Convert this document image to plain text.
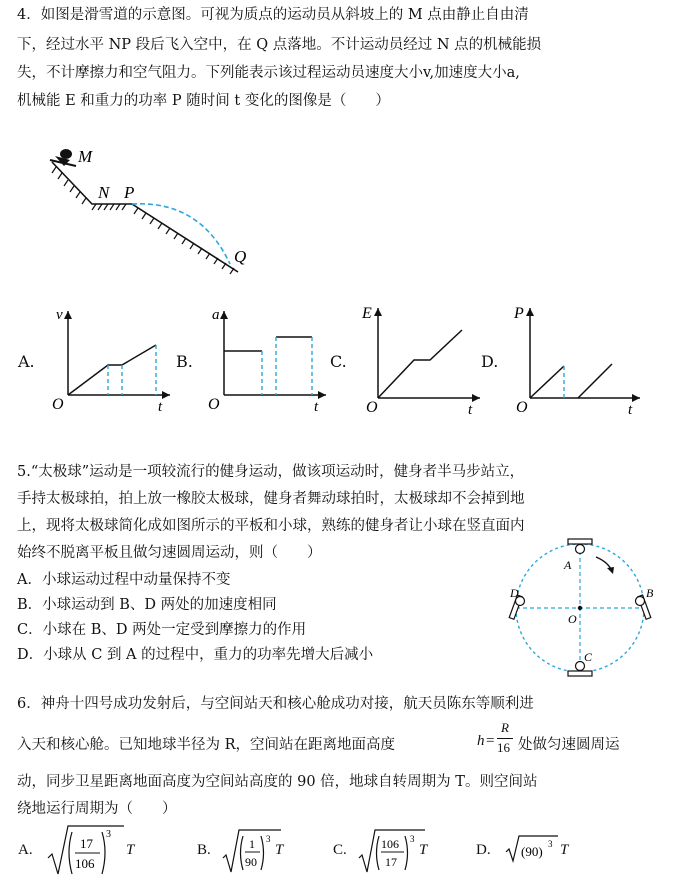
4．如图是滑雪道的示意图。可视为质点的运动员从斜坡上的 M 点由静止自由清
下，经过水平 NP 段后飞入空中，在 Q 点落地。不计运动员经过 N 点的机械能损
失，不计摩擦力和空气阻力。下列能表示该过程运动员速度大小v,加速度大小a,
机械能 E 和重力的功率 P 随时间 t 变化的图像是（　　）
M
N P
Q
A.
v
O	t
B.
a
O	t
C.
E
O	t
D.
P
O	t
5.“太极球”运动是一项较流行的健身运动，做该项运动时，健身者半马步站立，
手持太极球拍，拍上放一橡胶太极球，健身者舞动球拍时，太极球却不会掉到地
上，现将太极球简化成如图所示的平板和小球，熟练的健身者让小球在竖直面内
始终不脱离平板且做匀速圆周运动，则（　　）
A．小球运动过程中动量保持不变
B．小球运动到 B、D 两处的加速度相同
C．小球在 B、D 两处一定受到摩擦力的作用
D．小球从 C 到 A 的过程中，重力的功率先增大后减小
A
B
C
D
O
6．神舟十四号成功发射后，与空间站天和核心舱成功对接，航天员陈东等顺利进
入天和核心舱。已知地球半径为 R，空间站在距离地面高度	h =
R
16 处做匀速圆周运
动，同步卫星距离地面高度为空间站高度的 90 倍，地球自转周期为 T。则空间站
绕地运行周期为（　　）
A.	17
106
3
T	B.	1
90
3
T	C.	106
17
3
T	D. (90) 3 T
